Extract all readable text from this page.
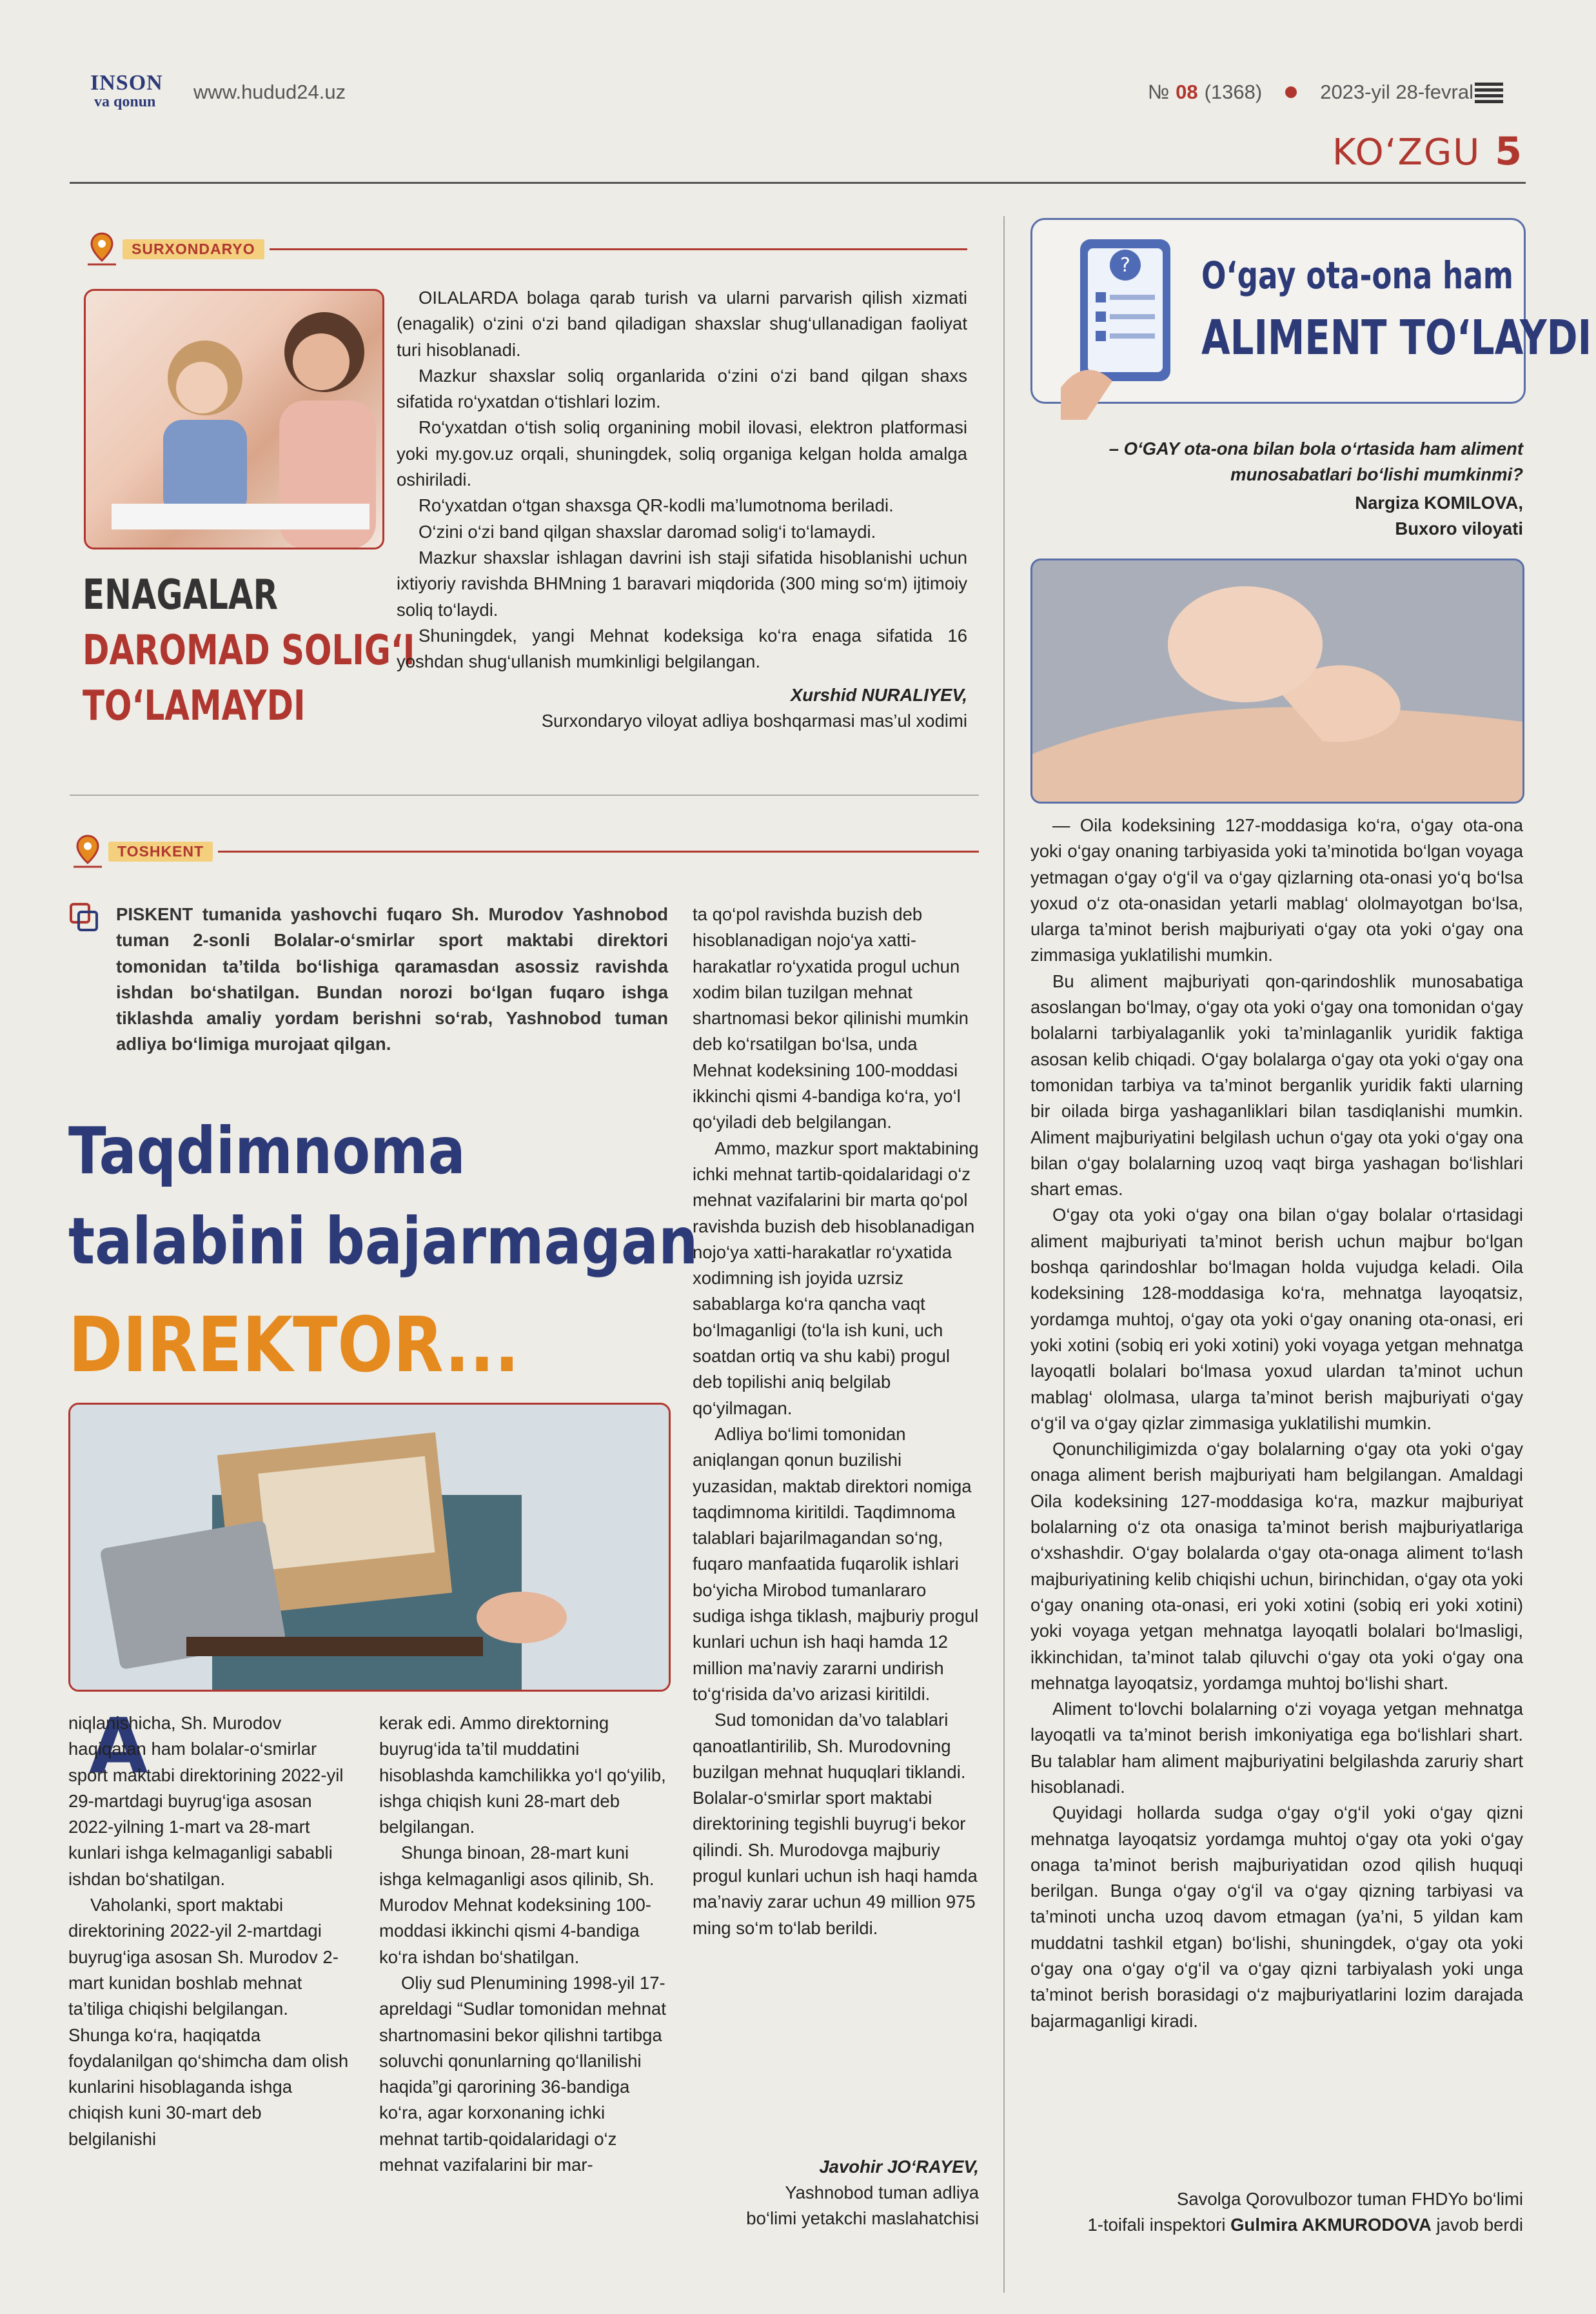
INSON
va qonun	www.hudud24.uz	№ 08 (1368)	2023-yil 28-fevral
KO‘ZGU 5
SURXONDARYO
ENAGALAR
DAROMAD SOLIG‘I
TO‘LAMAYDI

OILALARDA bolaga qarab turish va ularni parvarish qilish xizmati (enagalik) o‘zini o‘zi band qiladigan shaxslar shug‘ullanadigan faoliyat turi hisoblanadi.

Mazkur shaxslar soliq organlarida o‘zini o‘zi band qilgan shaxs sifatida ro‘yxatdan o‘tishlari lozim.

Ro‘yxatdan o‘tish soliq organining mobil ilovasi, elektron platformasi yoki my.gov.uz orqali, shuningdek, soliq organiga kelgan holda amalga oshiriladi.

Ro‘yxatdan o‘tgan shaxsga QR-kodli ma’lumotnoma beriladi.

O‘zini o‘zi band qilgan shaxslar daromad solig‘i to‘lamaydi.

Mazkur shaxslar ishlagan davrini ish staji sifatida hisoblanishi uchun ixtiyoriy ravishda BHMning 1 baravari miqdorida (300 ming so‘m) ijtimoiy soliq to‘laydi.

Shuningdek, yangi Mehnat kodeksiga ko‘ra enaga sifatida 16 yoshdan shug‘ullanish mumkinligi belgilangan.

Xurshid NURALIYEV,
Surxondaryo viloyat adliya boshqarmasi mas’ul xodimi
TOSHKENT

PISKENT tumanida yashovchi fuqaro Sh. Murodov Yashnobod tuman 2-sonli Bolalar-o‘smirlar sport maktabi direktori tomonidan ta’tilda bo‘lishiga qaramasdan asossiz ravishda ishdan bo‘shatilgan. Bundan norozi bo‘lgan fuqaro ishga tiklashda amaliy yordam berishni so‘rab, Yashnobod tuman adliya bo‘limiga murojaat qilgan.

Taqdimnoma
talabini bajarmagan
DIREKTOR...
A

niqlanishicha, Sh. Murodov haqiqatan ham bolalar-o‘smirlar sport maktabi direktorining 2022-yil 29-martdagi buyrug‘iga asosan 2022-yilning 1-mart va 28-mart kunlari ishga kelmaganligi sababli ishdan bo‘shatilgan.

Vaholanki, sport maktabi direktorining 2022-yil 2-martdagi buyrug‘iga asosan Sh. Murodov 2-mart kunidan boshlab mehnat ta’tiliga chiqishi belgilangan. Shunga ko‘ra, haqiqatda foydalanilgan qo‘shimcha dam olish kunlarini hisoblaganda ishga chiqish kuni 30-mart deb belgilanishi

kerak edi. Ammo direktorning buyrug‘ida ta’til muddatini hisoblashda kamchilikka yo‘l qo‘yilib, ishga chiqish kuni 28-mart deb belgilangan.

Shunga binoan, 28-mart kuni ishga kelmaganligi asos qilinib, Sh. Murodov Mehnat kodeksining 100-moddasi ikkinchi qismi 4-bandiga ko‘ra ishdan bo‘shatilgan.

Oliy sud Plenumining 1998-yil 17-apreldagi “Sudlar tomonidan mehnat shartnomasini bekor qilishni tartibga soluvchi qonunlarning qo‘llanilishi haqida”gi qarorining 36-bandiga ko‘ra, agar korxonaning ichki mehnat tartib-qoidalaridagi o‘z mehnat vazifalarini bir mar-

ta qo‘pol ravishda buzish deb hisoblanadigan nojo‘ya xatti-harakatlar ro‘yxatida progul uchun xodim bilan tuzilgan mehnat shartnomasi bekor qilinishi mumkin deb ko‘rsatilgan bo‘lsa, unda Mehnat kodeksining 100-moddasi ikkinchi qismi 4-bandiga ko‘ra, yo‘l qo‘yiladi deb belgilangan.

Ammo, mazkur sport maktabining ichki mehnat tartib-qoidalaridagi o‘z mehnat vazifalarini bir marta qo‘pol ravishda buzish deb hisoblanadigan nojo‘ya xatti-harakatlar ro‘yxatida xodimning ish joyida uzrsiz sabablarga ko‘ra qancha vaqt bo‘lmaganligi (to‘la ish kuni, uch soatdan ortiq va shu kabi) progul deb topilishi aniq belgilab qo‘yilmagan.

Adliya bo‘limi tomonidan aniqlangan qonun buzilishi yuzasidan, maktab direktori nomiga taqdimnoma kiritildi. Taqdimnoma talablari bajarilmagandan so‘ng, fuqaro manfaatida fuqarolik ishlari bo‘yicha Mirobod tumanlararo sudiga ishga tiklash, majburiy progul kunlari uchun ish haqi hamda 12 million ma’naviy zararni undirish to‘g‘risida da’vo arizasi kiritildi.

Sud tomonidan da’vo talablari qanoatlantirilib, Sh. Murodovning buzilgan mehnat huquqlari tiklandi. Bolalar-o‘smirlar sport maktabi direktorining tegishli buyrug‘i bekor qilindi. Sh. Murodovga majburiy progul kunlari uchun ish haqi hamda ma’naviy zarar uchun 49 million 975 ming so‘m to‘lab berildi.

Javohir JO‘RAYEV,
Yashnobod tuman adliya
bo‘limi yetakchi maslahatchisi
? O‘gay ota-ona ham
ALIMENT TO‘LAYDI
– O‘GAY ota-ona bilan bola o‘rtasida ham aliment munosabatlari bo‘lishi mumkinmi?
Nargiza KOMILOVA,
Buxoro viloyati

— Oila kodeksining 127-moddasiga ko‘ra, o‘gay ota-ona yoki o‘gay onaning tarbiyasida yoki ta’minotida bo‘lgan voyaga yetmagan o‘gay o‘g‘il va o‘gay qizlarning ota-onasi yo‘q bo‘lsa yoxud o‘z ota-onasidan yetarli mablag‘ ololmayotgan bo‘lsa, ularga ta’minot berish majburiyati o‘gay ota yoki o‘gay ona zimmasiga yuklatilishi mumkin.

Bu aliment majburiyati qon-qarindoshlik munosabatiga asoslangan bo‘lmay, o‘gay ota yoki o‘gay ona tomonidan o‘gay bolalarni tarbiyalaganlik yoki ta’minlaganlik yuridik faktiga asosan kelib chiqadi. O‘gay bolalarga o‘gay ota yoki o‘gay ona tomonidan tarbiya va ta’minot berganlik yuridik fakti ularning bir oilada birga yashaganliklari bilan tasdiqlanishi mumkin. Aliment majburiyatini belgilash uchun o‘gay ota yoki o‘gay ona bilan o‘gay bolalarning uzoq vaqt birga yashagan bo‘lishlari shart emas.

O‘gay ota yoki o‘gay ona bilan o‘gay bolalar o‘rtasidagi aliment majburiyati ta’minot berish uchun majbur bo‘lgan boshqa qarindoshlar bo‘lmagan holda vujudga keladi. Oila kodeksining 128-moddasiga ko‘ra, mehnatga layoqatsiz, yordamga muhtoj, o‘gay ota yoki o‘gay onaning ota-onasi, eri yoki xotini (sobiq eri yoki xotini) yoki voyaga yetgan mehnatga layoqatli bolalari bo‘lmasa yoxud ulardan ta’minot uchun mablag‘ ololmasa, ularga ta’minot berish majburiyati o‘gay o‘g‘il va o‘gay qizlar zimmasiga yuklatilishi mumkin.

Qonunchiligimizda o‘gay bolalarning o‘gay ota yoki o‘gay onaga aliment berish majburiyati ham belgilangan. Amaldagi Oila kodeksining 127-moddasiga ko‘ra, mazkur majburiyat bolalarning o‘z ota onasiga ta’minot berish majburiyatlariga o‘xshashdir. O‘gay bolalarda o‘gay ota-onaga aliment to‘lash majburiyatining kelib chiqishi uchun, birinchidan, o‘gay ota yoki o‘gay onaning ota-onasi, eri yoki xotini (sobiq eri yoki xotini) yoki voyaga yetgan mehnatga layoqatli bolalari bo‘lmasligi, ikkinchidan, ta’minot talab qiluvchi o‘gay ota yoki o‘gay ona mehnatga layoqatsiz, yordamga muhtoj bo‘lishi shart.

Aliment to‘lovchi bolalarning o‘zi voyaga yetgan mehnatga layoqatli va ta’minot berish imkoniyatiga ega bo‘lishlari shart. Bu talablar ham aliment majburiyatini belgilashda zaruriy shart hisoblanadi.

Quyidagi hollarda sudga o‘gay o‘g‘il yoki o‘gay qizni mehnatga layoqatsiz yordamga muhtoj o‘gay ota yoki o‘gay onaga ta’minot berish majburiyatidan ozod qilish huquqi berilgan. Bunga o‘gay o‘g‘il va o‘gay qizning tarbiyasi va ta’minoti uncha uzoq davom etmagan (ya’ni, 5 yildan kam muddatni tashkil etgan) bo‘lishi, shuningdek, o‘gay ota yoki o‘gay ona o‘gay o‘g‘il va o‘gay qizni tarbiyalash yoki unga ta’minot berish borasidagi o‘z majburiyatlarini lozim darajada bajarmaganligi kiradi.

Savolga Qorovulbozor tuman FHDYo bo‘limi
1-toifali inspektori Gulmira AKMURODOVA javob berdi
